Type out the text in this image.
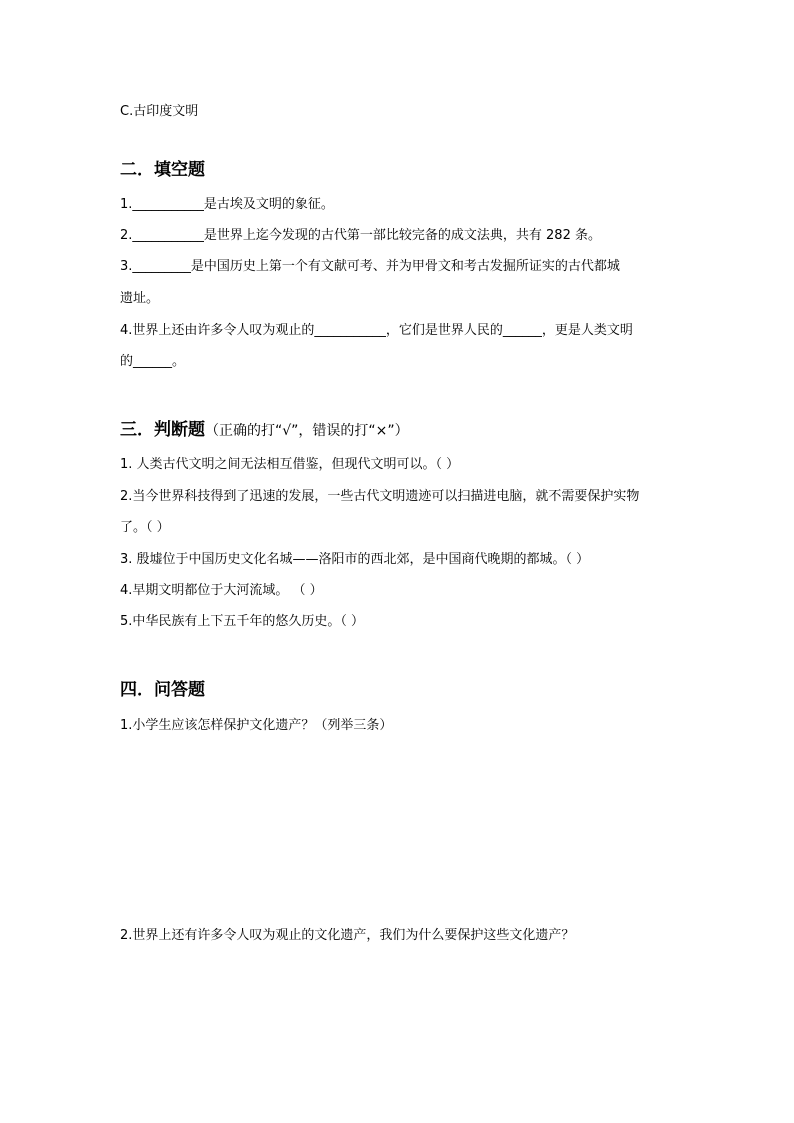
C.古印度文明
二．填空题
1.___________是古埃及文明的象征。
2.___________是世界上迄今发现的古代第一部比较完备的成文法典，共有 282 条。
3._________是中国历史上第一个有文献可考、并为甲骨文和考古发掘所证实的古代都城
遗址。
4.世界上还由许多令人叹为观止的___________，它们是世界人民的______，更是人类文明
的______。
三．判断题（正确的打“√”，错误的打“×”）
1. 人类古代文明之间无法相互借鉴，但现代文明可以。（ ）
2.当今世界科技得到了迅速的发展，一些古代文明遗迹可以扫描进电脑，就不需要保护实物
了。（ ）
3. 殷墟位于中国历史文化名城——洛阳市的西北郊，是中国商代晚期的都城。（ ）
4.早期文明都位于大河流域。 （ ）
5.中华民族有上下五千年的悠久历史。（ ）
四．问答题
1.小学生应该怎样保护文化遗产？（列举三条）
2.世界上还有许多令人叹为观止的文化遗产，我们为什么要保护这些文化遗产？
